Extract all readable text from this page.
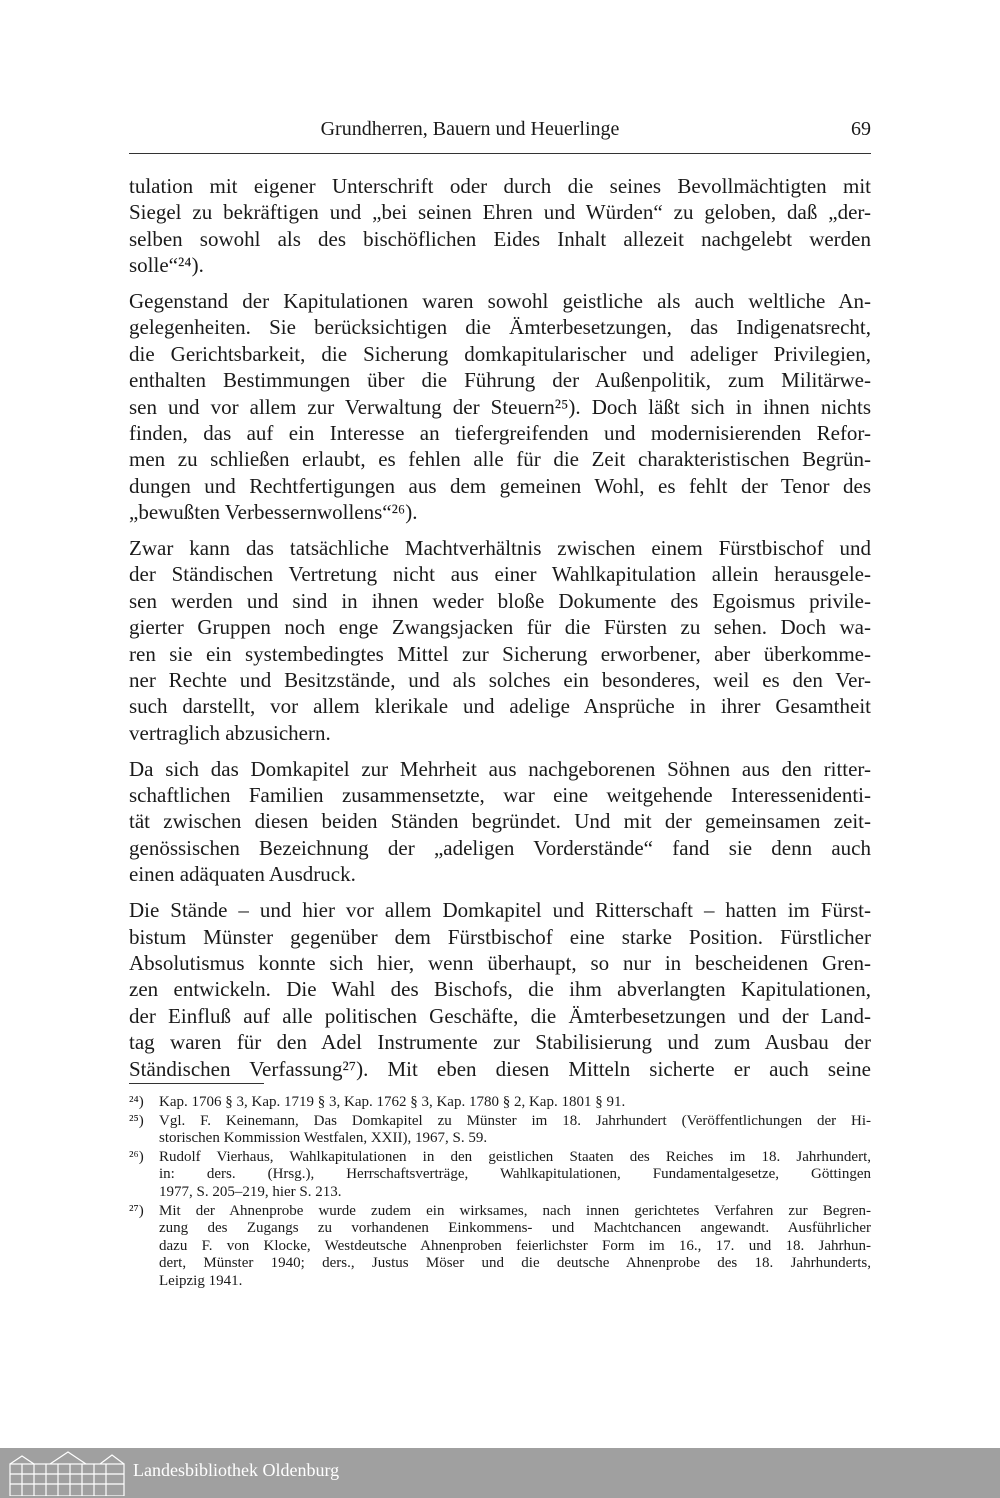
Grundherren, Bauern und Heuerlinge	69
tulation mit eigener Unterschrift oder durch die seines Bevollmächtigten mit
Siegel zu bekräftigen und „bei seinen Ehren und Würden“ zu geloben, daß „der-
selben sowohl als des bischöflichen Eides Inhalt allezeit nachgelebt werden
solle“²⁴).
Gegenstand der Kapitulationen waren sowohl geistliche als auch weltliche An-
gelegenheiten. Sie berücksichtigen die Ämterbesetzungen, das Indigenatsrecht,
die Gerichtsbarkeit, die Sicherung domkapitularischer und adeliger Privilegien,
enthalten Bestimmungen über die Führung der Außenpolitik, zum Militärwe-
sen und vor allem zur Verwaltung der Steuern²⁵). Doch läßt sich in ihnen nichts
finden, das auf ein Interesse an tiefergreifenden und modernisierenden Refor-
men zu schließen erlaubt, es fehlen alle für die Zeit charakteristischen Begrün-
dungen und Rechtfertigungen aus dem gemeinen Wohl, es fehlt der Tenor des
„bewußten Verbessernwollens“²⁶).
Zwar kann das tatsächliche Machtverhältnis zwischen einem Fürstbischof und
der Ständischen Vertretung nicht aus einer Wahlkapitulation allein herausgele-
sen werden und sind in ihnen weder bloße Dokumente des Egoismus privile-
gierter Gruppen noch enge Zwangsjacken für die Fürsten zu sehen. Doch wa-
ren sie ein systembedingtes Mittel zur Sicherung erworbener, aber überkomme-
ner Rechte und Besitzstände, und als solches ein besonderes, weil es den Ver-
such darstellt, vor allem klerikale und adelige Ansprüche in ihrer Gesamtheit
vertraglich abzusichern.
Da sich das Domkapitel zur Mehrheit aus nachgeborenen Söhnen aus den ritter-
schaftlichen Familien zusammensetzte, war eine weitgehende Interessenidenti-
tät zwischen diesen beiden Ständen begründet. Und mit der gemeinsamen zeit-
genössischen Bezeichnung der „adeligen Vorderstände“ fand sie denn auch
einen adäquaten Ausdruck.
Die Stände – und hier vor allem Domkapitel und Ritterschaft – hatten im Fürst-
bistum Münster gegenüber dem Fürstbischof eine starke Position. Fürstlicher
Absolutismus konnte sich hier, wenn überhaupt, so nur in bescheidenen Gren-
zen entwickeln. Die Wahl des Bischofs, die ihm abverlangten Kapitulationen,
der Einfluß auf alle politischen Geschäfte, die Ämterbesetzungen und der Land-
tag waren für den Adel Instrumente zur Stabilisierung und zum Ausbau der
Ständischen Verfassung²⁷). Mit eben diesen Mitteln sicherte er auch seine
²⁴) Kap. 1706 § 3, Kap. 1719 § 3, Kap. 1762 § 3, Kap. 1780 § 2, Kap. 1801 § 91.
²⁵) Vgl. F. Keinemann, Das Domkapitel zu Münster im 18. Jahrhundert (Veröffentlichungen der Hi-
storischen Kommission Westfalen, XXII), 1967, S. 59.
²⁶) Rudolf Vierhaus, Wahlkapitulationen in den geistlichen Staaten des Reiches im 18. Jahrhundert,
in: ders. (Hrsg.), Herrschaftsverträge, Wahlkapitulationen, Fundamentalgesetze, Göttingen
1977, S. 205–219, hier S. 213.
²⁷) Mit der Ahnenprobe wurde zudem ein wirksames, nach innen gerichtetes Verfahren zur Begren-
zung des Zugangs zu vorhandenen Einkommens- und Machtchancen angewandt. Ausführlicher
dazu F. von Klocke, Westdeutsche Ahnenproben feierlichster Form im 16., 17. und 18. Jahrhun-
dert, Münster 1940; ders., Justus Möser und die deutsche Ahnenprobe des 18. Jahrhunderts,
Leipzig 1941.
Landesbibliothek Oldenburg
